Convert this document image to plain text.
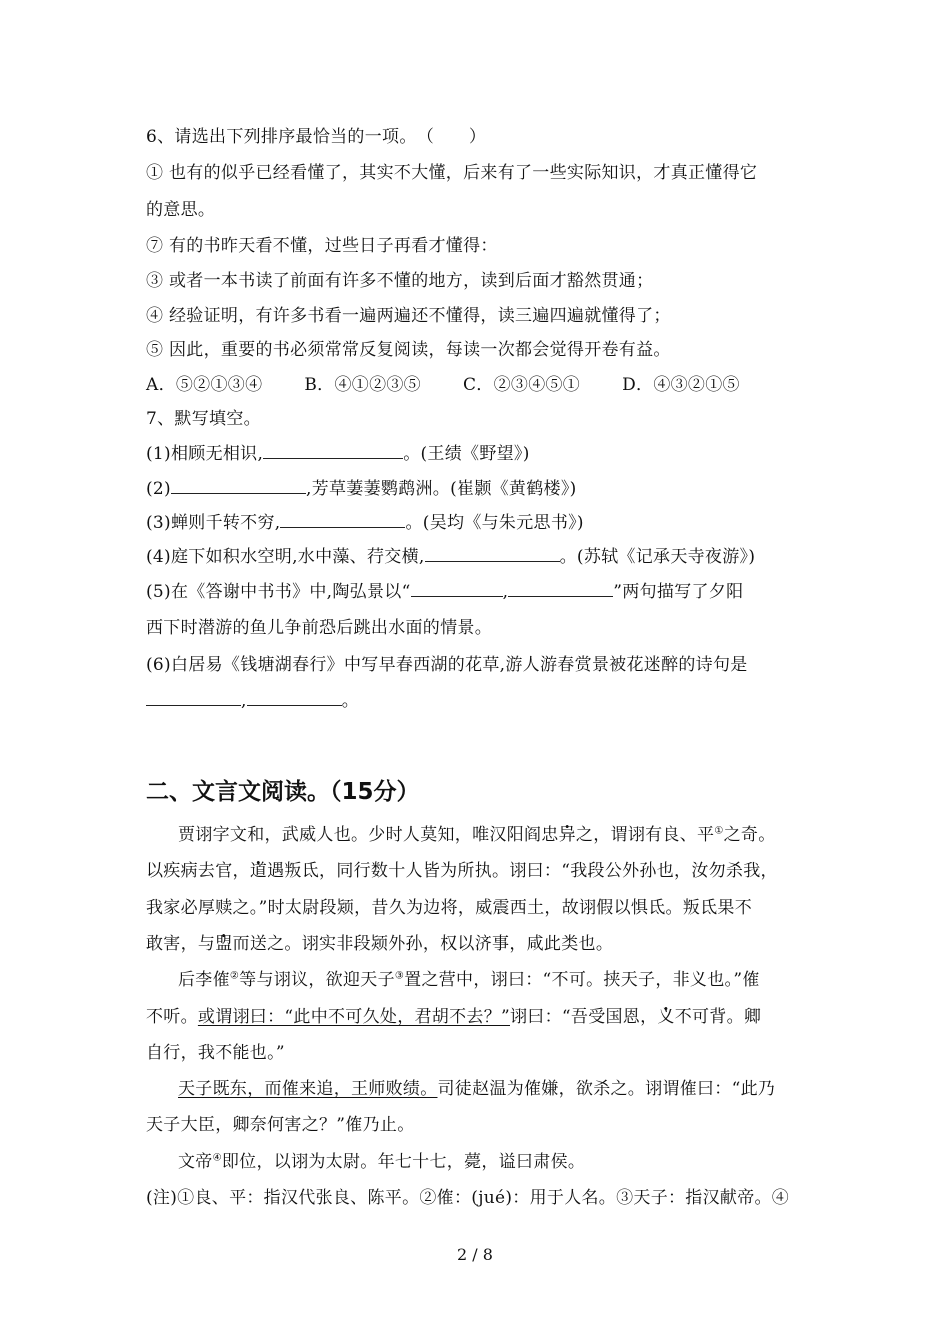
6、请选出下列排序最恰当的一项。　（　　）
① 也有的似乎已经看懂了，其实不大懂，后来有了一些实际知识，才真正懂得它
的意思。
⑦ 有的书昨天看不懂，过些日子再看才懂得：
③ 或者一本书读了前面有许多不懂的地方，读到后面才豁然贯通；
④ 经验证明，有许多书看一遍两遍还不懂得，读三遍四遍就懂得了；
⑤ 因此，重要的书必须常常反复阅读，每读一次都会觉得开卷有益。
A．⑤②①③④ B．④①②③⑤ C．②③④⑤① D．④③②①⑤
7、默写填空。
(1)相顾无相识,	。(王绩《野望》)
(2)	,芳草萋萋鹦鹉洲。(崔颢《黄鹤楼》)
(3)蝉则千转不穷,	。(吴均《与朱元思书》)
(4)庭下如积水空明,水中藻、荇交横,	。(苏轼《记承天寺夜游》)
(5)在《答谢中书书》中,陶弘景以“	,	”两句描写了夕阳
西下时潜游的鱼儿争前恐后跳出水面的情景。
(6)白居易《钱塘湖春行》中写早春西湖的花草,游人游春赏景被花迷醉的诗句是
,	。
二、文言文阅读。（15分）
贾诩字文和，武威人也。少时人莫知，唯汉阳阎忠异之，谓诩有良、平①之奇。
以疾病去官，道遇叛氐，同行数十人皆为所执。诩曰：“我段公外孙也，汝勿杀我，
我家必厚赎之。”时太尉段颎，昔久为边将，威震西土，故诩假以惧氐。叛氐果不
敢害，与盟而送之。诩实非段颎外孙，权以济事，咸此类也。
后李傕②等与诩议，欲迎天子③置之营中，诩曰：“不可。挟天子，非义也。”傕
不听。或谓诩曰：“此中不可久处，君胡不去？”诩曰：“吾受国恩，义不可背。卿
自行，我不能也。”
天子既东，而傕来追，王师败绩。司徒赵温为傕嫌，欲杀之。诩谓傕曰：“此乃
天子大臣，卿奈何害之？”傕乃止。
文帝④即位，以诩为太尉。年七十七，薨，谥曰肃侯。
(注)①良、平：指汉代张良、陈平。②傕：(jué)：用于人名。③天子：指汉献帝。④
2 / 8
